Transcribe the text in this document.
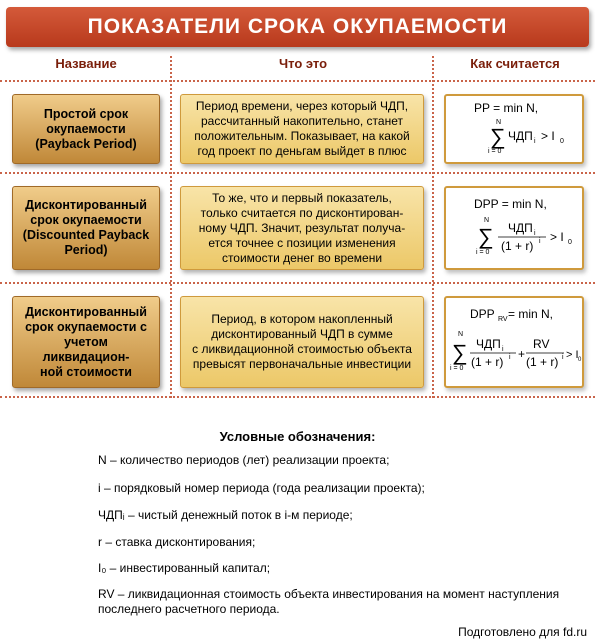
ПОКАЗАТЕЛИ СРОКА ОКУПАЕМОСТИ
Название	Что это	Как считается
Простой срок
окупаемости
(Payback Period)
Период времени, через который ЧДП,
рассчитанный накопительно, станет
положительным. Показывает, на какой
год проект по деньгам выйдет в плюс
PP = min N,
N
∑
i = 0
ЧДП i > I 0
Дисконтированный
срок окупаемости
(Discounted Payback
Period)
То же, что и первый показатель,
только считается по дисконтирован-
ному ЧДП. Значит, результат получа-
ется точнее с позиции изменения
стоимости денег во времени
DPP = min N,
N
∑
i = 0
ЧДП i
(1 + r) i > I 0
Дисконтированный
срок окупаемости с
учетом ликвидацион-
ной стоимости
Период, в котором накопленный
дисконтированный ЧДП в сумме
с ликвидационной стоимостью объекта
превысят первоначальные инвестиции
DPP RV = min N,
N
∑
i = 0
ЧДП i
(1 + r) i +
RV
(1 + r) i > I 0
Условные обозначения:
N – количество периодов (лет) реализации проекта;
i – порядковый номер периода (года реализации проекта);
ЧДПᵢ – чистый денежный поток в i-м периоде;
r – ставка дисконтирования;
I₀ – инвестированный капитал;
RV – ликвидационная стоимость объекта инвестирования на момент наступления последнего расчетного периода.
Подготовлено для fd.ru
